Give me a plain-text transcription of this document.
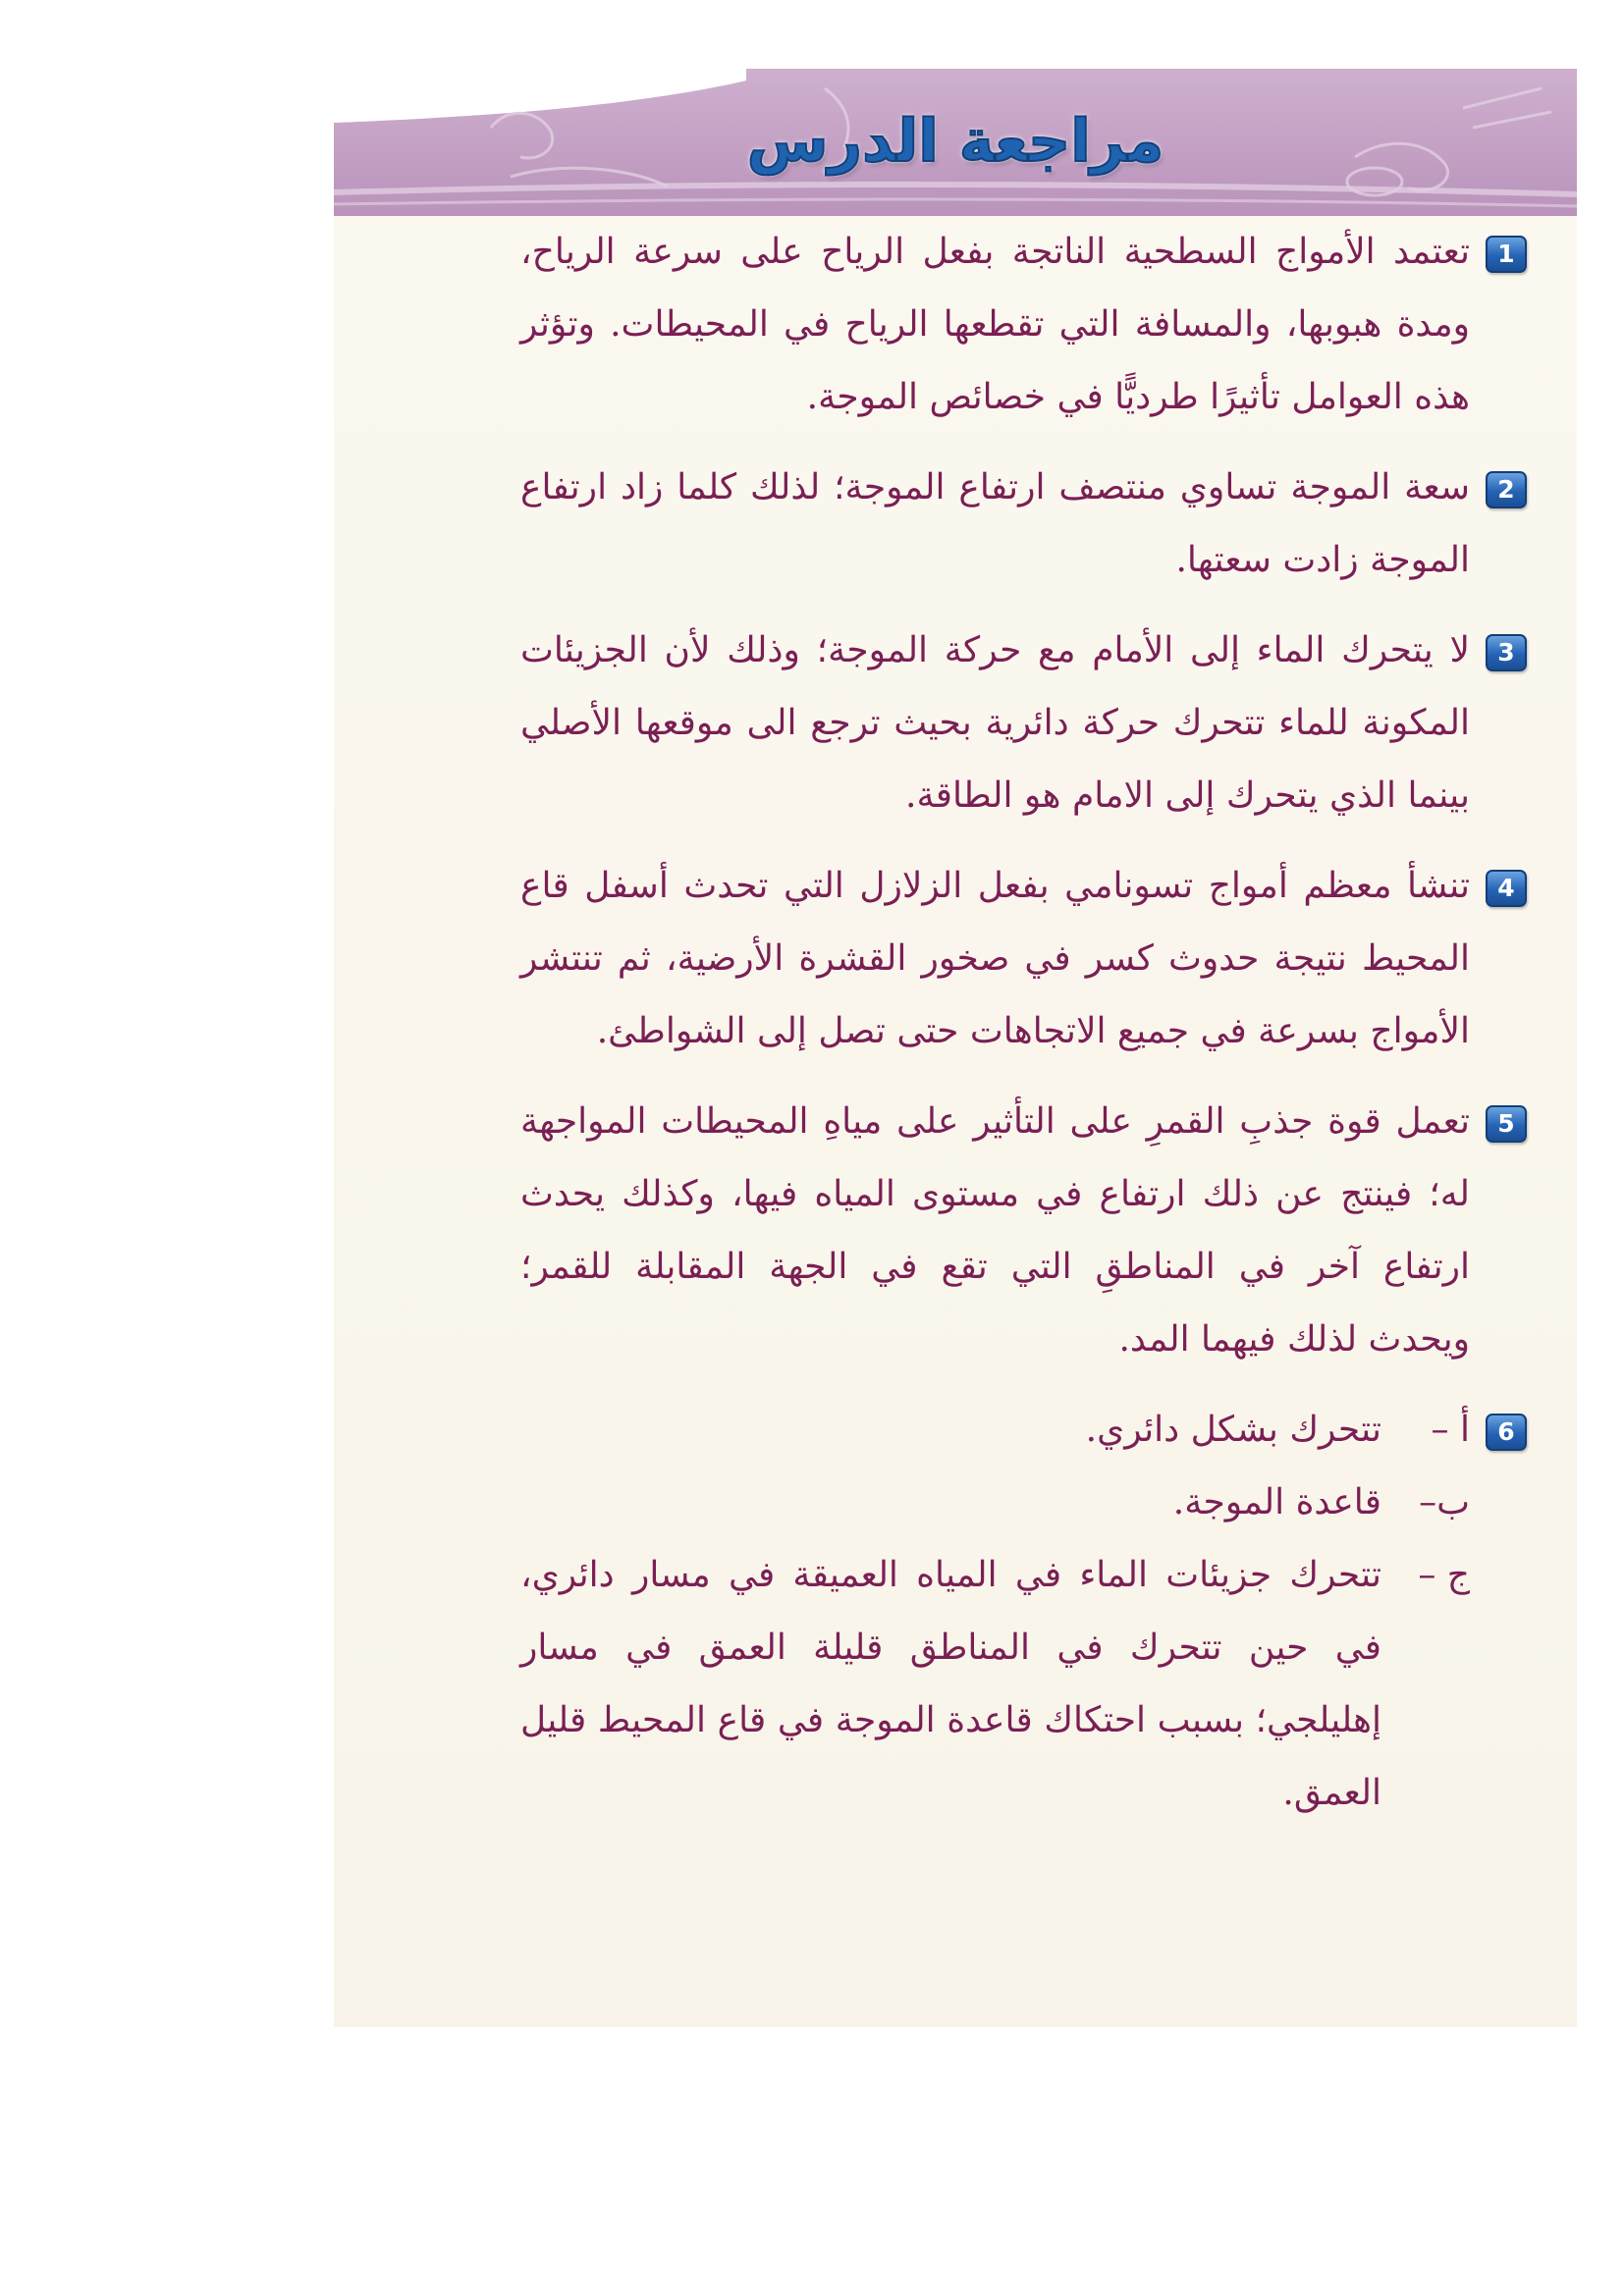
مراجعة الدرس
1

تعتمد الأمواج السطحية الناتجة بفعل الرياح على سرعة الرياح، ومدة هبوبها، والمسافة التي تقطعها الرياح في المحيطات. وتؤثر هذه العوامل تأثيرًا طرديًّا في خصائص الموجة.

2

سعة الموجة تساوي منتصف ارتفاع الموجة؛ لذلك كلما زاد ارتفاع الموجة زادت سعتها.

3

لا يتحرك الماء إلى الأمام مع حركة الموجة؛ وذلك لأن الجزيئات المكونة للماء تتحرك حركة دائرية بحيث ترجع الى موقعها الأصلي بينما الذي يتحرك إلى الامام هو الطاقة.

4

تنشأ معظم أمواج تسونامي بفعل الزلازل التي تحدث أسفل قاع المحيط نتيجة حدوث كسر في صخور القشرة الأرضية، ثم تنتشر الأمواج بسرعة في جميع الاتجاهات حتى تصل إلى الشواطئ.

5

تعمل قوة جذبِ القمرِ على التأثير على مياهِ المحيطات المواجهة له؛ فينتج عن ذلك ارتفاع في مستوى المياه فيها، وكذلك يحدث ارتفاع آخر في المناطقِ التي تقع في الجهة المقابلة للقمر؛ ويحدث لذلك فيهما المد.

6
أ –
تتحرك بشكل دائري.
ب–
قاعدة الموجة.
ج –
تتحرك جزيئات الماء في المياه العميقة في مسار دائري، في حين تتحرك في المناطق قليلة العمق في مسار إهليلجي؛ بسبب احتكاك قاعدة الموجة في قاع المحيط قليل العمق.
